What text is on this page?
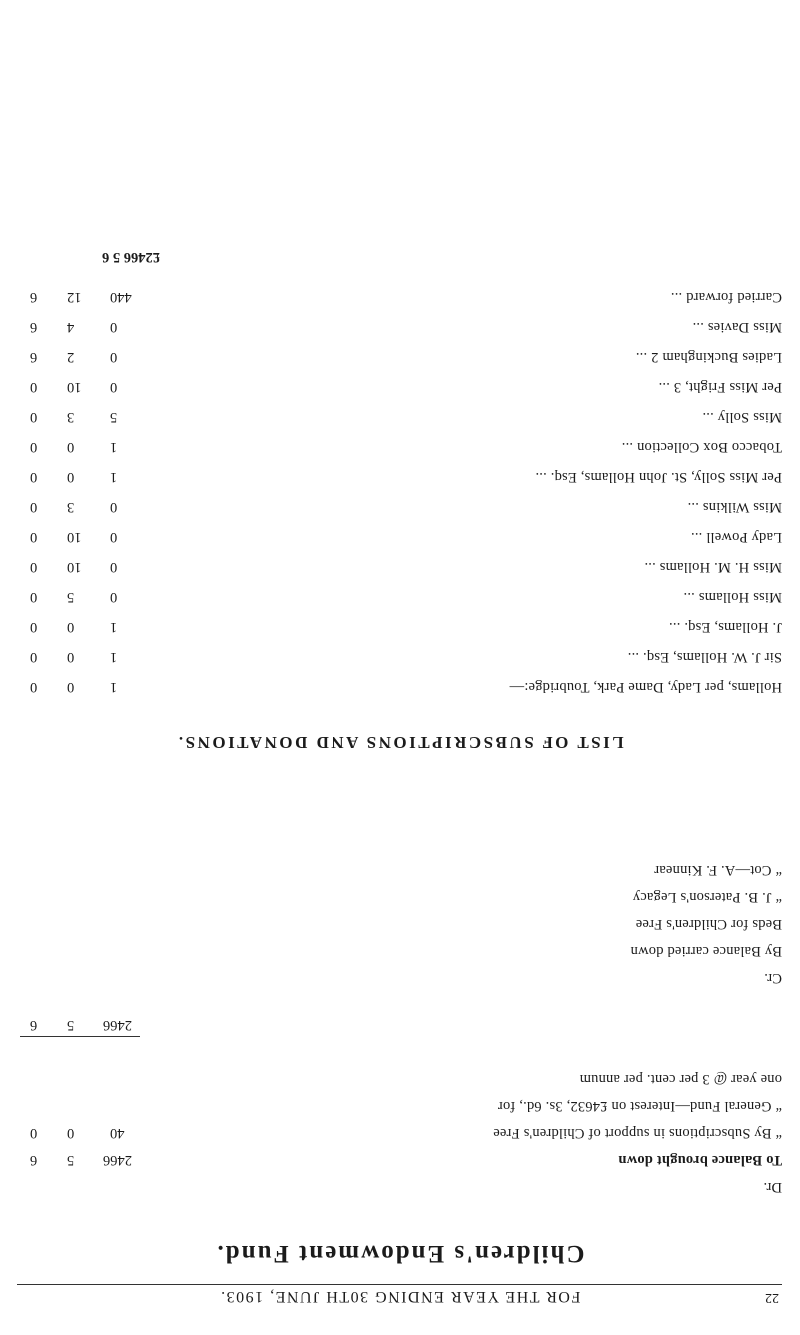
22
FOR THE YEAR ENDING 30TH JUNE, 1903.
Children's Endowment Fund.
Dr.
To Balance brought down
2466
5
6
“ By Subscriptions in support of Children's Free
40
0
0
“ General Fund—Interest on £4632, 3s. 6d., for
one year @ 3 per cent. per annum
2466
5
6
Cr.
By Balance carried down
Beds for Children's Free
“ J. B. Paterson's Legacy
“ Cot—A. F. Kinnear
LIST OF SUBSCRIPTIONS AND DONATIONS.
Hollams, per Lady, Dame Park, Toubridge:—
1
0
0
Sir J. W. Hollams, Esq. ...
1
0
0
J. Hollams, Esq. ...
1
0
0
Miss Hollams ...
0
5
0
Miss H. M. Hollams ...
0
10
0
Lady Powell ...
0
10
0
Miss Wilkins ...
0
3
0
Per Miss Solly, St. John Hollams, Esq. ...
1
0
0
Tobacco Box Collection ...
1
0
0
Miss Solly ...
5
3
0
Per Miss Fright, 3 ...
0
10
0
Ladies Buckingham 2 ...
0
2
6
Miss Davies ...
0
4
6
Carried forward ...
440
12
6
£2466 5 6
